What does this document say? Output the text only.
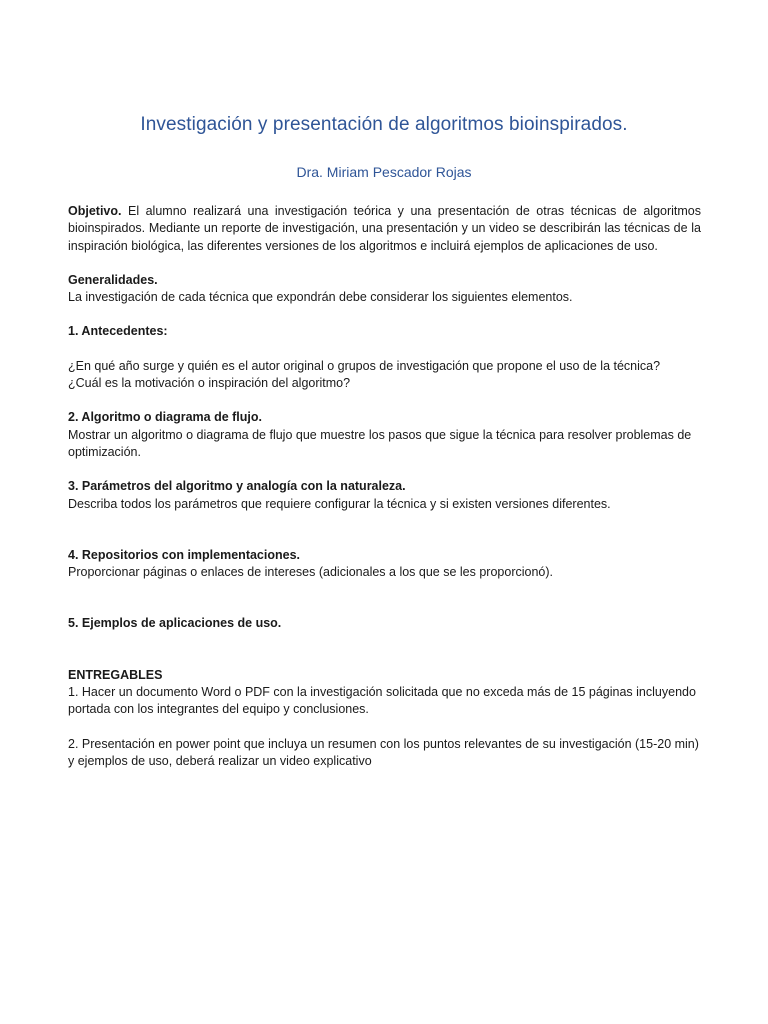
Investigación y presentación de algoritmos bioinspirados.
Dra. Miriam Pescador Rojas

Objetivo. El alumno realizará una investigación teórica y una presentación de otras técnicas de algoritmos bioinspirados. Mediante un reporte de investigación, una presentación y un video se describirán las técnicas de la inspiración biológica, las diferentes versiones de los algoritmos e incluirá ejemplos de aplicaciones de uso.

Generalidades.

La investigación de cada técnica que expondrán debe considerar los siguientes elementos.

1. Antecedentes:

¿En qué año surge y quién es el autor original o grupos de investigación que propone el uso de la técnica?

¿Cuál es la motivación o inspiración del algoritmo?

2. Algoritmo o diagrama de flujo.

Mostrar un algoritmo o diagrama de flujo que muestre los pasos que sigue la técnica para resolver problemas de optimización.

3. Parámetros del algoritmo y analogía con la naturaleza.

Describa todos los parámetros que requiere configurar la técnica y si existen versiones diferentes.

4. Repositorios con implementaciones.

Proporcionar páginas o enlaces de intereses (adicionales a los que se les proporcionó).

5. Ejemplos de aplicaciones de uso.

ENTREGABLES

1. Hacer un documento Word o PDF con la investigación solicitada que no exceda más de 15 páginas incluyendo portada con los integrantes del equipo y conclusiones.

2. Presentación en power point que incluya un resumen con los puntos relevantes de su investigación (15-20 min) y ejemplos de uso, deberá realizar un video explicativo
